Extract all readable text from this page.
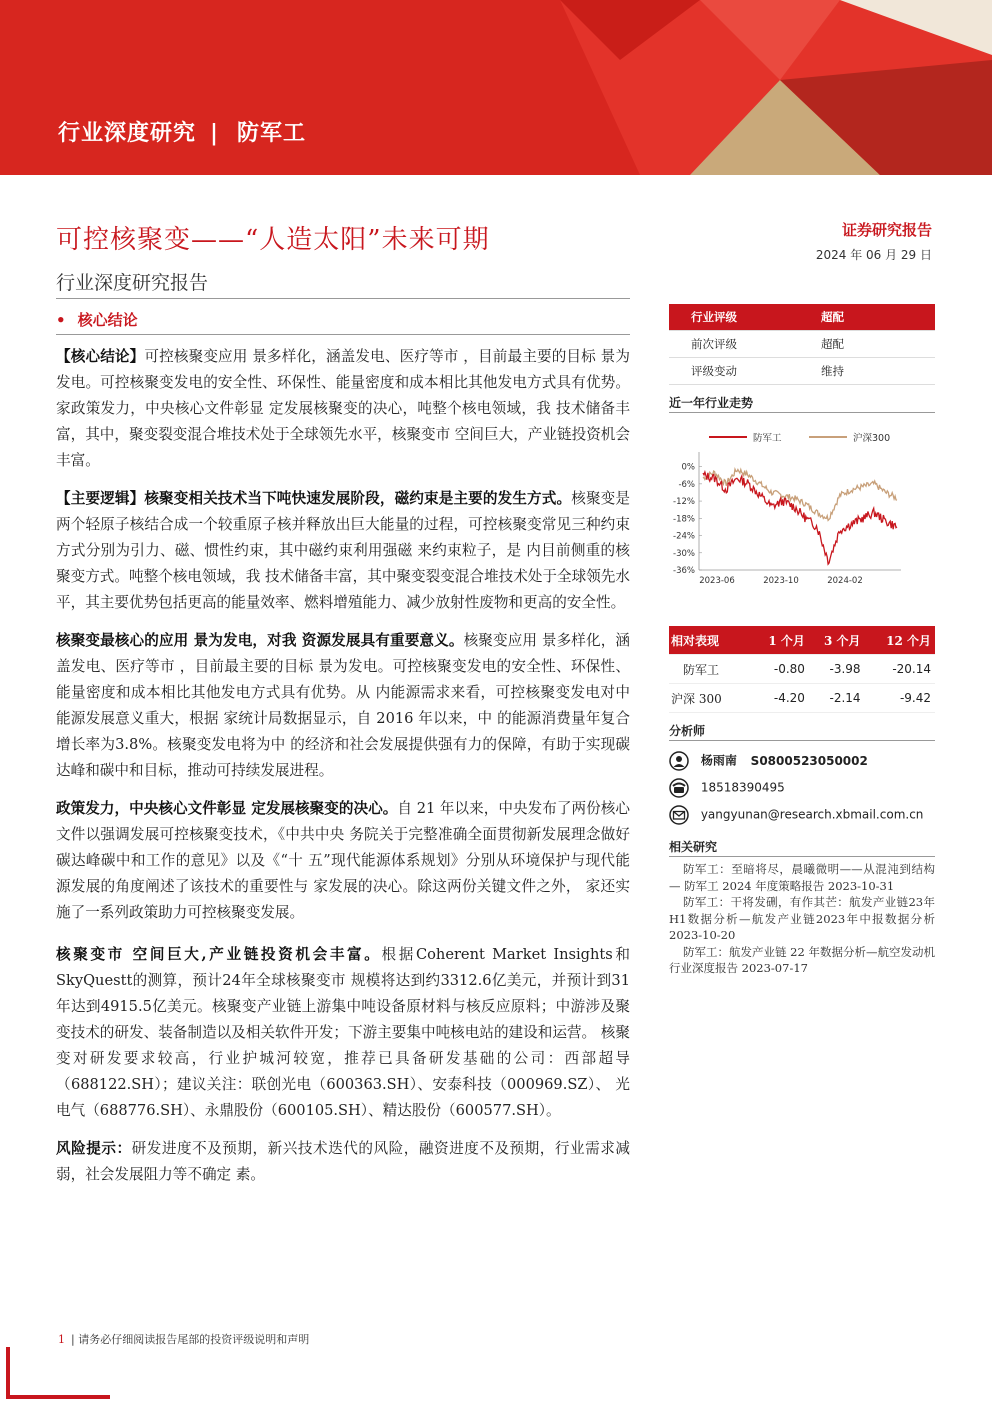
行业深度研究 | 防军工
可控核聚变——“人造太阳”未来可期
行业深度研究报告
证券研究报告
2024 年 06 月 29 日
• 核心结论

【核心结论】可控核聚变应用 景多样化，涵盖发电、医疗等市 ，目前最主要的目标 景为发电。可控核聚变发电的安全性、环保性、能量密度和成本相比其他发电方式具有优势。 家政策发力，中央核心文件彰显 定发展核聚变的决心，吨整个核电领域，我 技术储备丰富，其中，聚变裂变混合堆技术处于全球领先水平，核聚变市 空间巨大，产业链投资机会丰富。

【主要逻辑】核聚变相关技术当下吨快速发展阶段，磁约束是主要的发生方式。核聚变是两个轻原子核结合成一个较重原子核并释放出巨大能量的过程，可控核聚变常见三种约束方式分别为引力、磁、惯性约束，其中磁约束利用强磁 来约束粒子，是 内目前侧重的核聚变方式。吨整个核电领域，我 技术储备丰富，其中聚变裂变混合堆技术处于全球领先水平，其主要优势包括更高的能量效率、燃料增殖能力、减少放射性废物和更高的安全性。

核聚变最核心的应用 景为发电，对我 资源发展具有重要意义。核聚变应用 景多样化，涵盖发电、医疗等市 ，目前最主要的目标 景为发电。可控核聚变发电的安全性、环保性、能量密度和成本相比其他发电方式具有优势。从 内能源需求来看，可控核聚变发电对中 能源发展意义重大，根据 家统计局数据显示，自 2016 年以来，中 的能源消费量年复合增长率为3.8%。核聚变发电将为中 的经济和社会发展提供强有力的保障，有助于实现碳达峰和碳中和目标，推动可持续发展进程。

政策发力，中央核心文件彰显 定发展核聚变的决心。自 21 年以来，中央发布了两份核心文件以强调发展可控核聚变技术，《中共中央 务院关于完整准确全面贯彻新发展理念做好碳达峰碳中和工作的意见》以及《“十 五”现代能源体系规划》分别从环境保护与现代能源发展的角度阐述了该技术的重要性与 家发展的决心。除这两份关键文件之外， 家还实施了一系列政策助力可控核聚变发展。

核聚变市 空间巨大,产业链投资机会丰富。根据Coherent Market Insights和SkyQuestt的测算，预计24年全球核聚变市 规模将达到约3312.6亿美元，并预计到31年达到4915.5亿美元。核聚变产业链上游集中吨设备原材料与核反应原料；中游涉及聚变技术的研发、装备制造以及相关软件开发；下游主要集中吨核电站的建设和运营。 核聚变对研发要求较高，行业护城河较宽，推荐已具备研发基础的公司：西部超导（688122.SH）；建议关注：联创光电（600363.SH）、安泰科技（000969.SZ）、 光电气（688776.SH）、永鼎股份（600105.SH）、精达股份（600577.SH）。

风险提示：研发进度不及预期，新兴技术迭代的风险，融资进度不及预期，行业需求减弱，社会发展阻力等不确定 素。

行业评级	超配
前次评级	超配
评级变动	维持
近一年行业走势
防军工	沪深300
0%
-6%
-12%
-18%
-24%
-30%
-36%
2023-06	2023-10	2024-02
相对表现	1 个月	3 个月	12 个月
防军工	-0.80	-3.98	-20.14
沪深 300	-4.20	-2.14	-9.42
分析师
杨雨南 S0800523050002
18518390495
yangyunan@research.xbmail.com.cn
相关研究

防军工：至暗将尽，晨曦微明——从混沌到结构— 防军工 2024 年度策略报告 2023-10-31

防军工：干将发硎，有作其芒：航发产业链23年H1数据分析—航发产业链2023年中报数据分析 2023-10-20

防军工：航发产业链 22 年数据分析—航空发动机行业深度报告 2023-07-17

1 | 请务必仔细阅读报告尾部的投资评级说明和声明
